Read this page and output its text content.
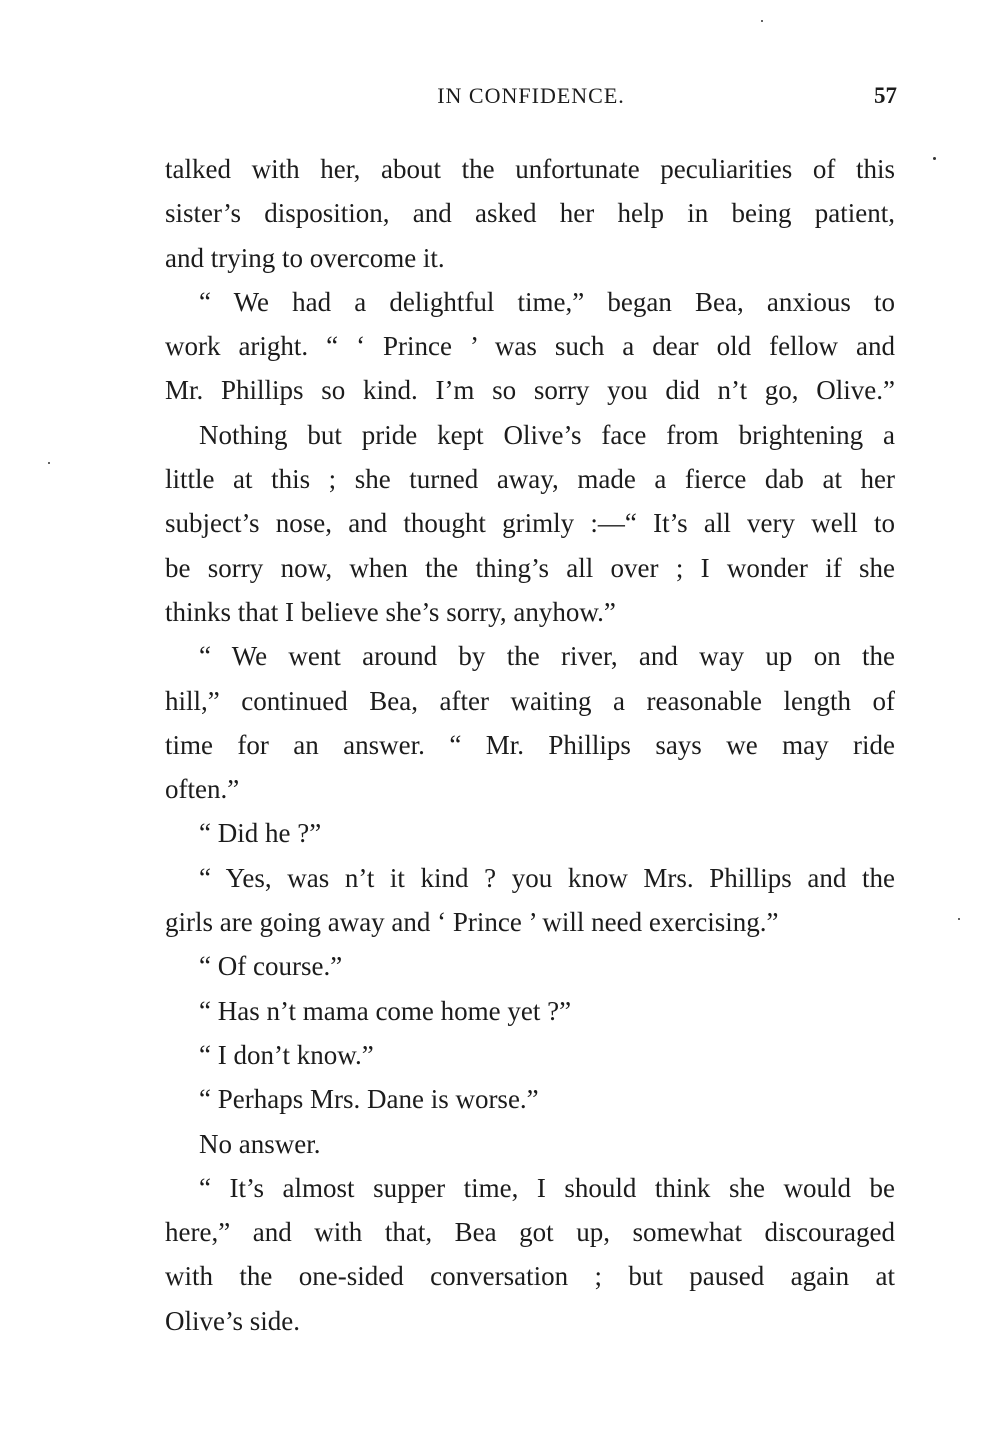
IN CONFIDENCE.	57
talked with her, about the unfortunate peculiarities of this
sister’s disposition, and asked her help in being patient,
and trying to overcome it.
“ We had a delightful time,” began Bea, anxious to
work aright. “ ‘ Prince ’ was such a dear old fellow and
Mr. Phillips so kind. I’m so sorry you did n’t go, Olive.”
Nothing but pride kept Olive’s face from brightening a
little at this ; she turned away, made a fierce dab at her
subject’s nose, and thought grimly :—“ It’s all very well to
be sorry now, when the thing’s all over ; I wonder if she
thinks that I believe she’s sorry, anyhow.”
“ We went around by the river, and way up on the
hill,” continued Bea, after waiting a reasonable length of
time for an answer. “ Mr. Phillips says we may ride
often.”
“ Did he ?”
“ Yes, was n’t it kind ? you know Mrs. Phillips and the
girls are going away and ‘ Prince ’ will need exercising.”
“ Of course.”
“ Has n’t mama come home yet ?”
“ I don’t know.”
“ Perhaps Mrs. Dane is worse.”
No answer.
“ It’s almost supper time, I should think she would be
here,” and with that, Bea got up, somewhat discouraged
with the one-sided conversation ; but paused again at
Olive’s side.
